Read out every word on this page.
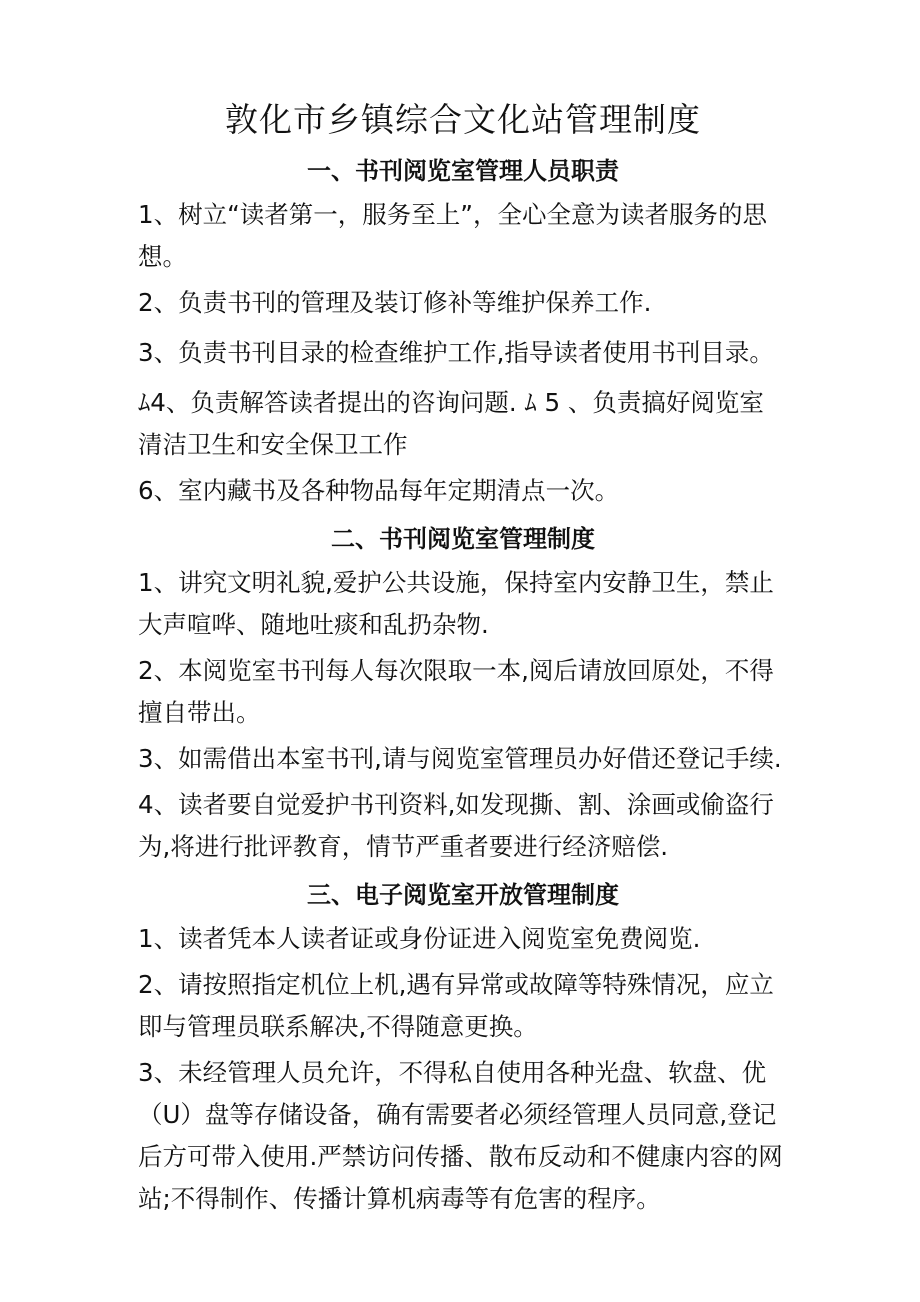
敦化市乡镇综合文化站管理制度
一、书刊阅览室管理人员职责

1、树立“读者第一，服务至上”，全心全意为读者服务的思想。

2、负责书刊的管理及装订修补等维护保养工作.

3、负责书刊目录的检查维护工作,指导读者使用书刊目录。

ﾑ4、负责解答读者提出的咨询问题. ﾑ 5 、负责搞好阅览室清洁卫生和安全保卫工作

6、室内藏书及各种物品每年定期清点一次。

二、书刊阅览室管理制度

1、讲究文明礼貌,爱护公共设施，保持室内安静卫生，禁止大声喧哗、随地吐痰和乱扔杂物.

2、本阅览室书刊每人每次限取一本,阅后请放回原处，不得擅自带出。

3、如需借出本室书刊,请与阅览室管理员办好借还登记手续.

4、读者要自觉爱护书刊资料,如发现撕、割、涂画或偷盗行为,将进行批评教育，情节严重者要进行经济赔偿.

三、电子阅览室开放管理制度

1、读者凭本人读者证或身份证进入阅览室免费阅览.

2、请按照指定机位上机,遇有异常或故障等特殊情况，应立即与管理员联系解决,不得随意更换。

3、未经管理人员允许，不得私自使用各种光盘、软盘、优（U）盘等存储设备，确有需要者必须经管理人员同意,登记后方可带入使用.严禁访问传播、散布反动和不健康内容的网站;不得制作、传播计算机病毒等有危害的程序。
